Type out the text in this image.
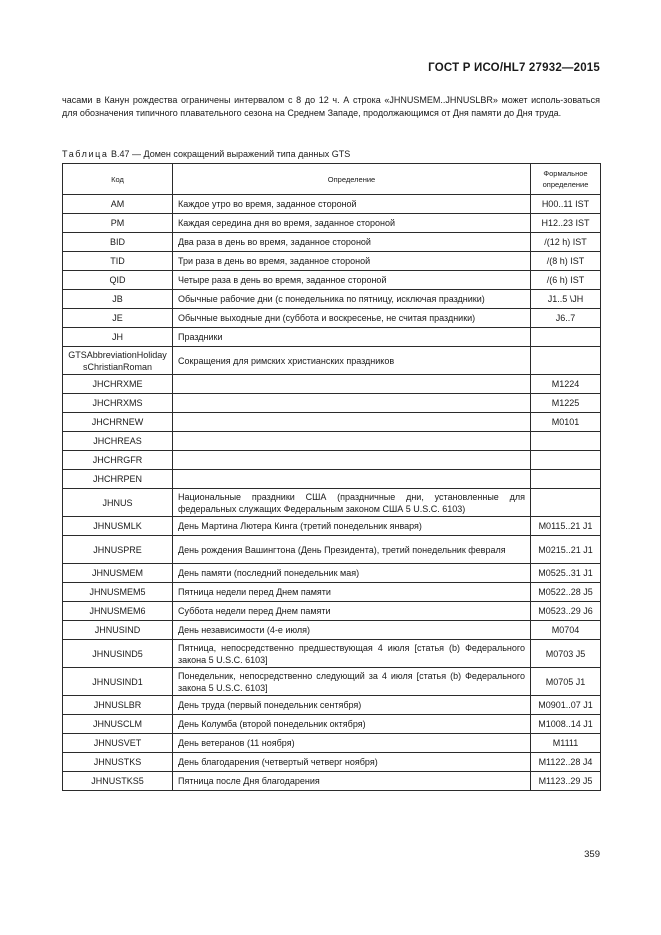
ГОСТ Р ИСО/HL7 27932—2015

часами в Канун рождества ограничены интервалом с 8 до 12 ч. А строка «JHNUSMEM..JHNUSLBR» может исполь-зоваться для обозначения типичного плавательного сезона на Среднем Западе, продолжающимся от Дня памяти до Дня труда.

Таблица В.47 — Домен сокращений выражений типа данных GTS
Код	Определение	Формальное определение
AM	Каждое утро во время, заданное стороной	H00..11 IST
PM	Каждая середина дня во время, заданное стороной	H12..23 IST
BID	Два раза в день во время, заданное стороной	/(12 h) IST
TID	Три раза в день во время, заданное стороной	/(8 h) IST
QID	Четыре раза в день во время, заданное стороной	/(6 h) IST
JB	Обычные рабочие дни (с понедельника по пятницу, исключая праздники)	J1..5 \JH
JE	Обычные выходные дни (суббота и воскресенье, не считая праздники)	J6..7
JH	Праздники	
GTSAbbreviationHolidaysChristianRoman	Сокращения для римских христианских праздников	
JHCHRXME		M1224
JHCHRXMS		M1225
JHCHRNEW		M0101
JHCHREAS		
JHCHRGFR		
JHCHRPEN		
JHNUS	Национальные праздники США (праздничные дни, установленные для федеральных служащих Федеральным законом США 5 U.S.C. 6103)	
JHNUSMLK	День Мартина Лютера Кинга (третий понедельник января)	M0115..21 J1
JHNUSPRE	День рождения Вашингтона (День Президента), третий понедельник февраля	M0215..21 J1
JHNUSMEM	День памяти (последний понедельник мая)	M0525..31 J1
JHNUSMEM5	Пятница недели перед Днем памяти	M0522..28 J5
JHNUSMEM6	Суббота недели перед Днем памяти	M0523..29 J6
JHNUSIND	День независимости (4-е июля)	M0704
JHNUSIND5	Пятница, непосредственно предшествующая 4 июля [статья (b) Федерального закона 5 U.S.C. 6103]	M0703 J5
JHNUSIND1	Понедельник, непосредственно следующий за 4 июля [статья (b) Федерального закона 5 U.S.C. 6103]	M0705 J1
JHNUSLBR	День труда (первый понедельник сентября)	M0901..07 J1
JHNUSCLM	День Колумба (второй понедельник октября)	M1008..14 J1
JHNUSVET	День ветеранов (11 ноября)	M1111
JHNUSTKS	День благодарения (четвертый четверг ноября)	M1122..28 J4
JHNUSTKS5	Пятница после Дня благодарения	M1123..29 J5
359
